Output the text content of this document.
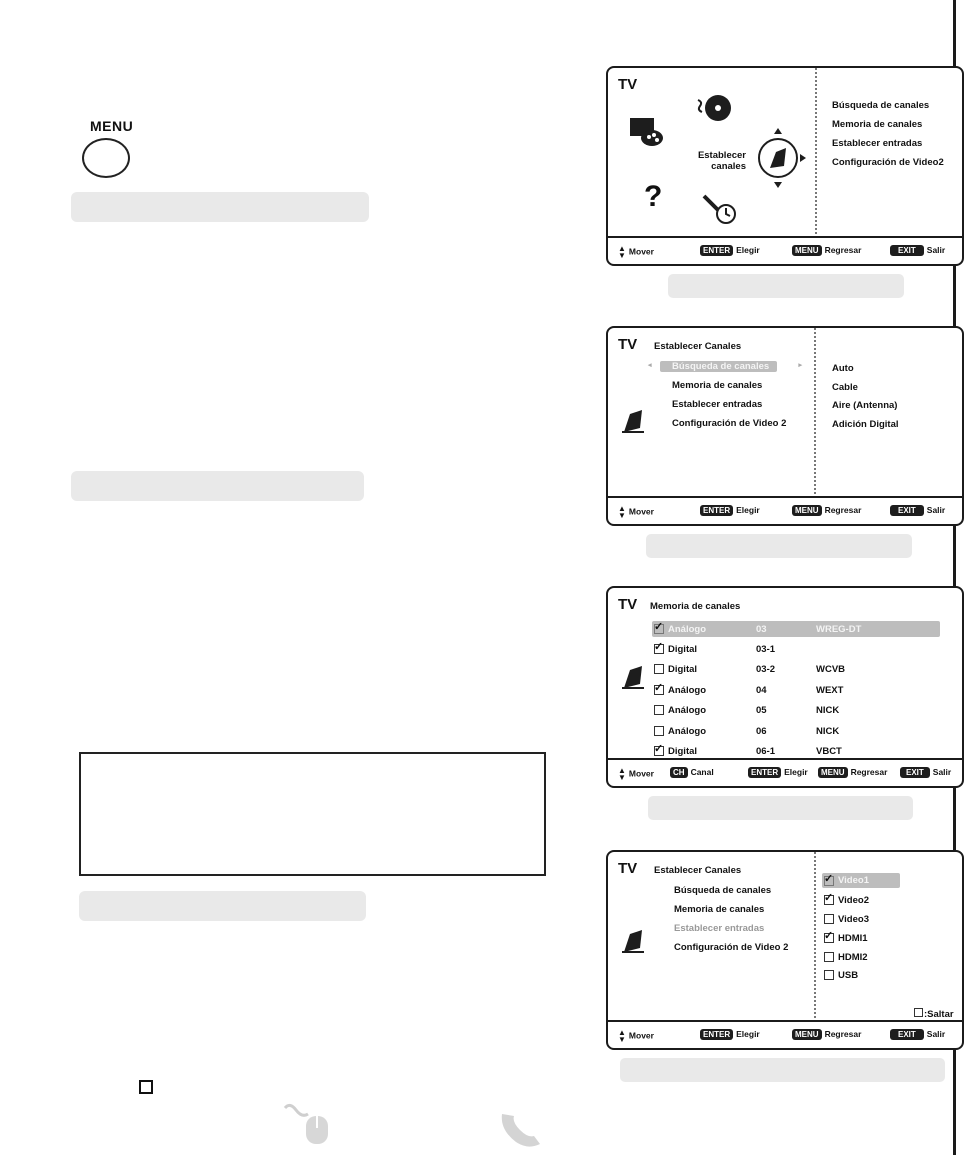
MENU
TV
Establecer
canales
?
Búsqueda de canales
Memoria de canales
Establecer entradas
Configuración de Video2
▲
▼ Mover	ENTER Elegir	MENU Regresar	EXIT Salir
TV Establecer Canales
◂	Búsqueda de canales	▸
Memoria de canales
Establecer entradas
Configuración de Video 2
Auto
Cable
Aire (Antenna)
Adición Digital
▲
▼ Mover	ENTER Elegir	MENU Regresar	EXIT Salir
TV Memoria de canales
✓
Análogo	03	WREG-DT
✓
Digital	03-1
Digital	03-2	WCVB
✓
Análogo	04	WEXT
Análogo	05	NICK
Análogo	06	NICK
✓
Digital	06-1	VBCT
▲
▼ Mover	CH Canal	ENTER Elegir	MENU Regresar	EXIT Salir
TV Establecer Canales
Búsqueda de canales
Memoria de canales
Establecer entradas
Configuración de Video 2
✓
Video1
✓
Video2
Video3
✓
HDMI1
HDMI2
USB
:Saltar
▲
▼ Mover	ENTER Elegir	MENU Regresar	EXIT Salir
